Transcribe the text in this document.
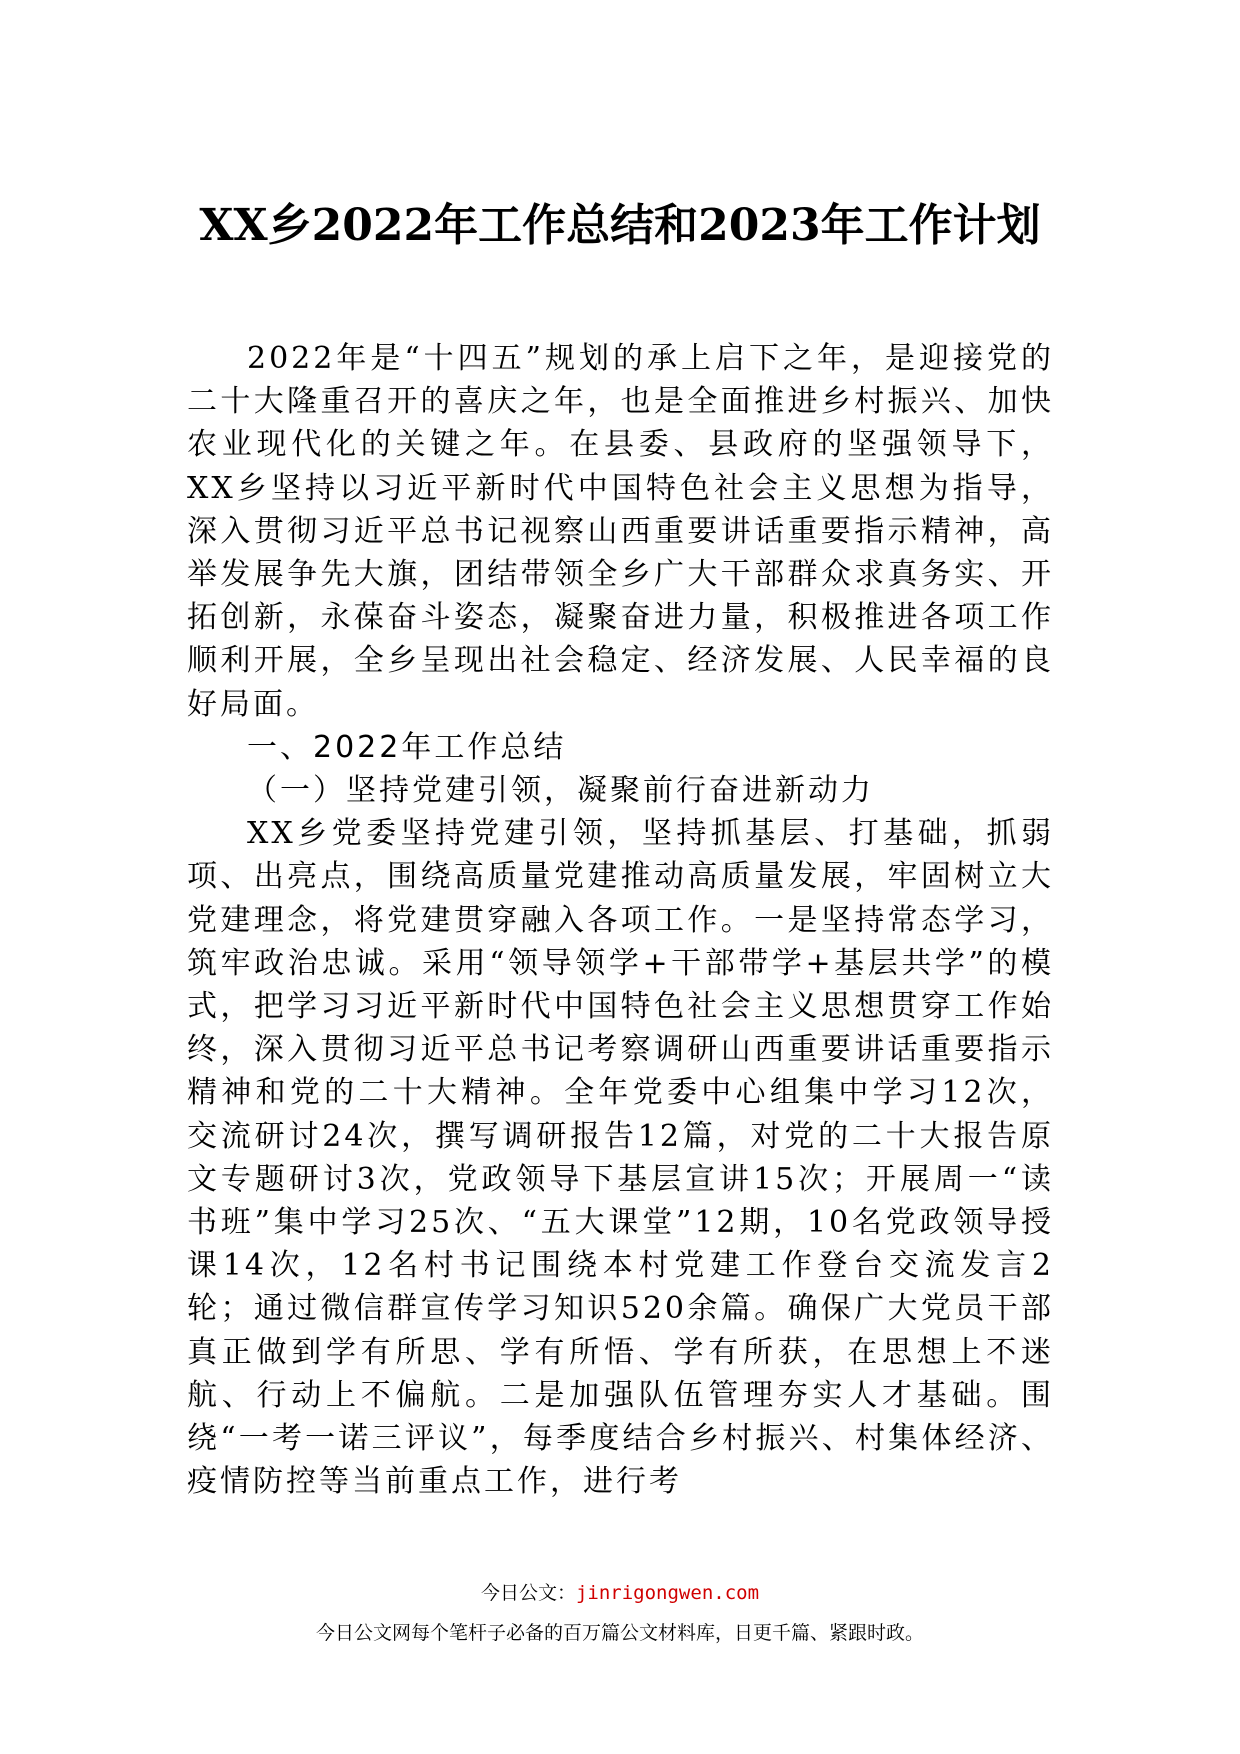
XX乡2022年工作总结和2023年工作计划

2022年是“十四五”规划的承上启下之年，是迎接党的二十大隆重召开的喜庆之年，也是全面推进乡村振兴、加快农业现代化的关键之年。在县委、县政府的坚强领导下，XX乡坚持以习近平新时代中国特色社会主义思想为指导，深入贯彻习近平总书记视察山西重要讲话重要指示精神，高举发展争先大旗，团结带领全乡广大干部群众求真务实、开拓创新，永葆奋斗姿态，凝聚奋进力量，积极推进各项工作顺利开展，全乡呈现出社会稳定、经济发展、人民幸福的良好局面。

一、2022年工作总结

（一）坚持党建引领，凝聚前行奋进新动力

XX乡党委坚持党建引领，坚持抓基层、打基础，抓弱项、出亮点，围绕高质量党建推动高质量发展，牢固树立大党建理念，将党建贯穿融入各项工作。一是坚持常态学习，筑牢政治忠诚。采用“领导领学+干部带学+基层共学”的模式，把学习习近平新时代中国特色社会主义思想贯穿工作始终，深入贯彻习近平总书记考察调研山西重要讲话重要指示精神和党的二十大精神。全年党委中心组集中学习12次，交流研讨24次，撰写调研报告12篇，对党的二十大报告原文专题研讨3次，党政领导下基层宣讲15次；开展周一“读书班”集中学习25次、“五大课堂”12期，10名党政领导授课14次，12名村书记围绕本村党建工作登台交流发言2轮；通过微信群宣传学习知识520余篇。确保广大党员干部真正做到学有所思、学有所悟、学有所获，在思想上不迷航、行动上不偏航。二是加强队伍管理夯实人才基础。围绕“一考一诺三评议”，每季度结合乡村振兴、村集体经济、疫情防控等当前重点工作，进行考

今日公文：jinrigongwen.com
今日公文网每个笔杆子必备的百万篇公文材料库，日更千篇、紧跟时政。
